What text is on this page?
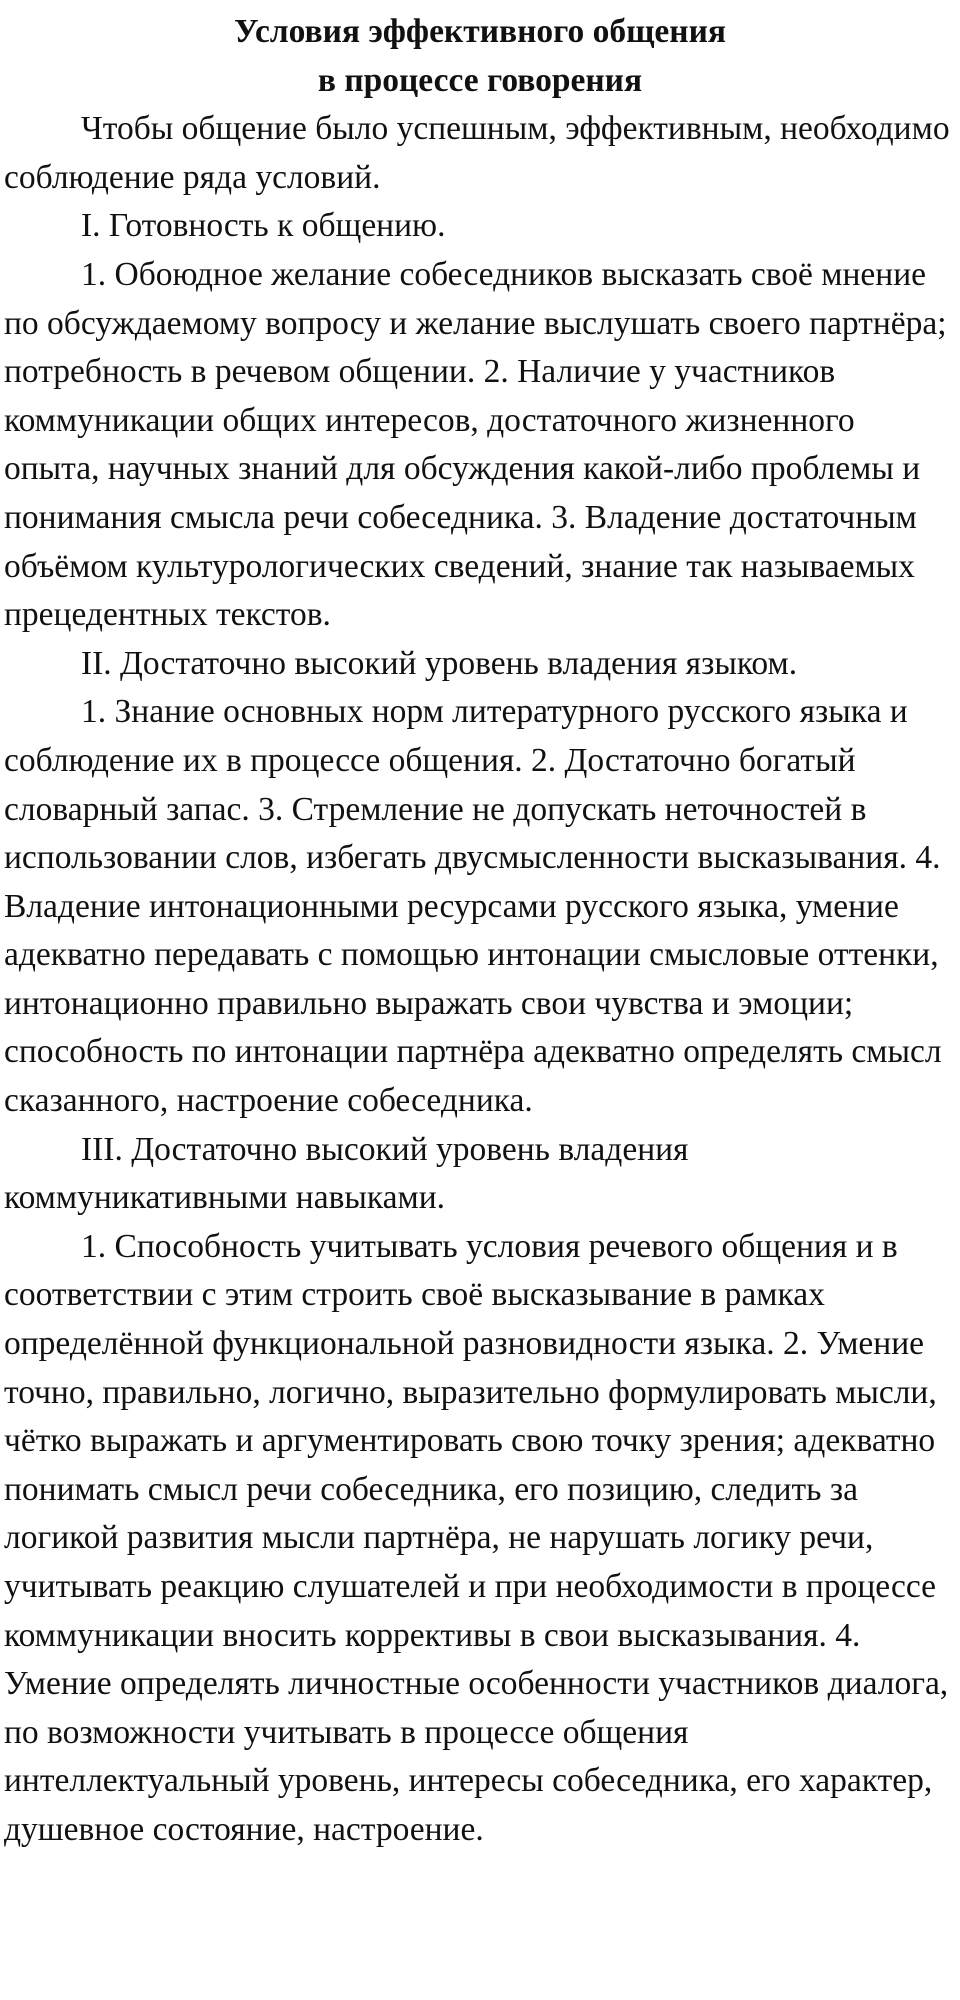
Условия эффективного общения
в процессе говорения

Чтобы общение было успешным, эффективным, необходимо соблюдение ряда условий.

I. Готовность к общению.

1. Обоюдное желание собеседников высказать своё мнение по обсуждаемому вопросу и желание выслушать своего партнёра; потребность в речевом общении. 2. Наличие у участников коммуникации общих интересов, достаточного жизненного опыта, научных знаний для обсуждения какой-либо проблемы и понимания смысла речи собеседника. 3. Владение достаточным объёмом культурологических сведений, знание так называемых прецедентных текстов.

II. Достаточно высокий уровень владения языком.

1. Знание основных норм литературного русского языка и соблюдение их в процессе общения. 2. Достаточно богатый словарный запас. 3. Стремление не допускать неточностей в использовании слов, избегать двусмысленности высказывания. 4. Владение интонационными ресурсами русского языка, умение адекватно передавать с помощью интонации смысловые оттенки, интонационно правильно выражать свои чувства и эмоции; способность по интонации партнёра адекватно определять смысл сказанного, настроение собеседника.

III. Достаточно высокий уровень владения коммуникативными навыками.

1. Способность учитывать условия речевого общения и в соответствии с этим строить своё высказывание в рамках определённой функциональной разновидности языка. 2. Умение точно, правильно, логично, выразительно формулировать мысли, чётко выражать и аргументировать свою точку зрения; адекватно понимать смысл речи собеседника, его позицию, следить за логикой развития мысли партнёра, не нарушать логику речи, учитывать реакцию слушателей и при необходимости в процессе коммуникации вносить коррективы в свои высказывания. 4. Умение определять личностные особенности участников диалога, по возможности учитывать в процессе общения интеллектуальный уровень, интересы собеседника, его характер, душевное состояние, настроение.
